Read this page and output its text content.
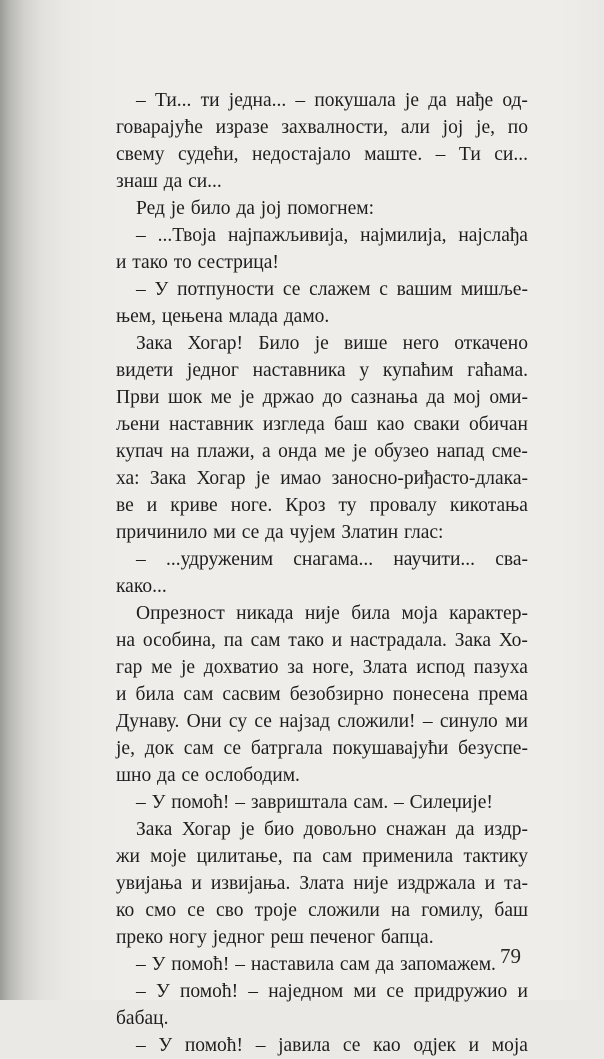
– Ти... ти једна... – покушала је да нађе од-
говарајуће изразе захвалности, али јој је, по
свему судећи, недостајало маште. – Ти си...
знаш да си...
Ред је било да јој помогнем:
– ...Твоја најпажљивија, најмилија, најслађа
и тако то сестрица!
– У потпуности се слажем с вашим мишље-
њем, цењена млада дамо.
Зака Хогар! Било је више него откачено
видети једног наставника у купаћим гаћама.
Први шок ме је држао до сазнања да мој оми-
љени наставник изгледа баш као сваки обичан
купач на плажи, а онда ме је обузео напад сме-
ха: Зака Хогар је имао заносно-риђасто-длака-
ве и криве ноге. Кроз ту провалу кикотања
причинило ми се да чујем Златин глас:
– ...удруженим снагама... научити... сва-
како...
Опрезност никада није била моја карактер-
на особина, па сам тако и настрадала. Зака Хо-
гар ме је дохватио за ноге, Злата испод пазуха
и била сам сасвим безобзирно понесена према
Дунаву. Они су се најзад сложили! – синуло ми
је, док сам се батргала покушавајући безуспе-
шно да се ослободим.
– У помоћ! – завриштала сам. – Силеџије!
Зака Хогар је био довољно снажан да издр-
жи моје цилитање, па сам применила тактику
увијања и извијања. Злата није издржала и та-
ко смо се сво троје сложили на гомилу, баш
преко ногу једног реш печеног бапца.
– У помоћ! – наставила сам да запомажем.
– У помоћ! – наједном ми се придружио и
бабац.
– У помоћ! – јавила се као одјек и моја
79
